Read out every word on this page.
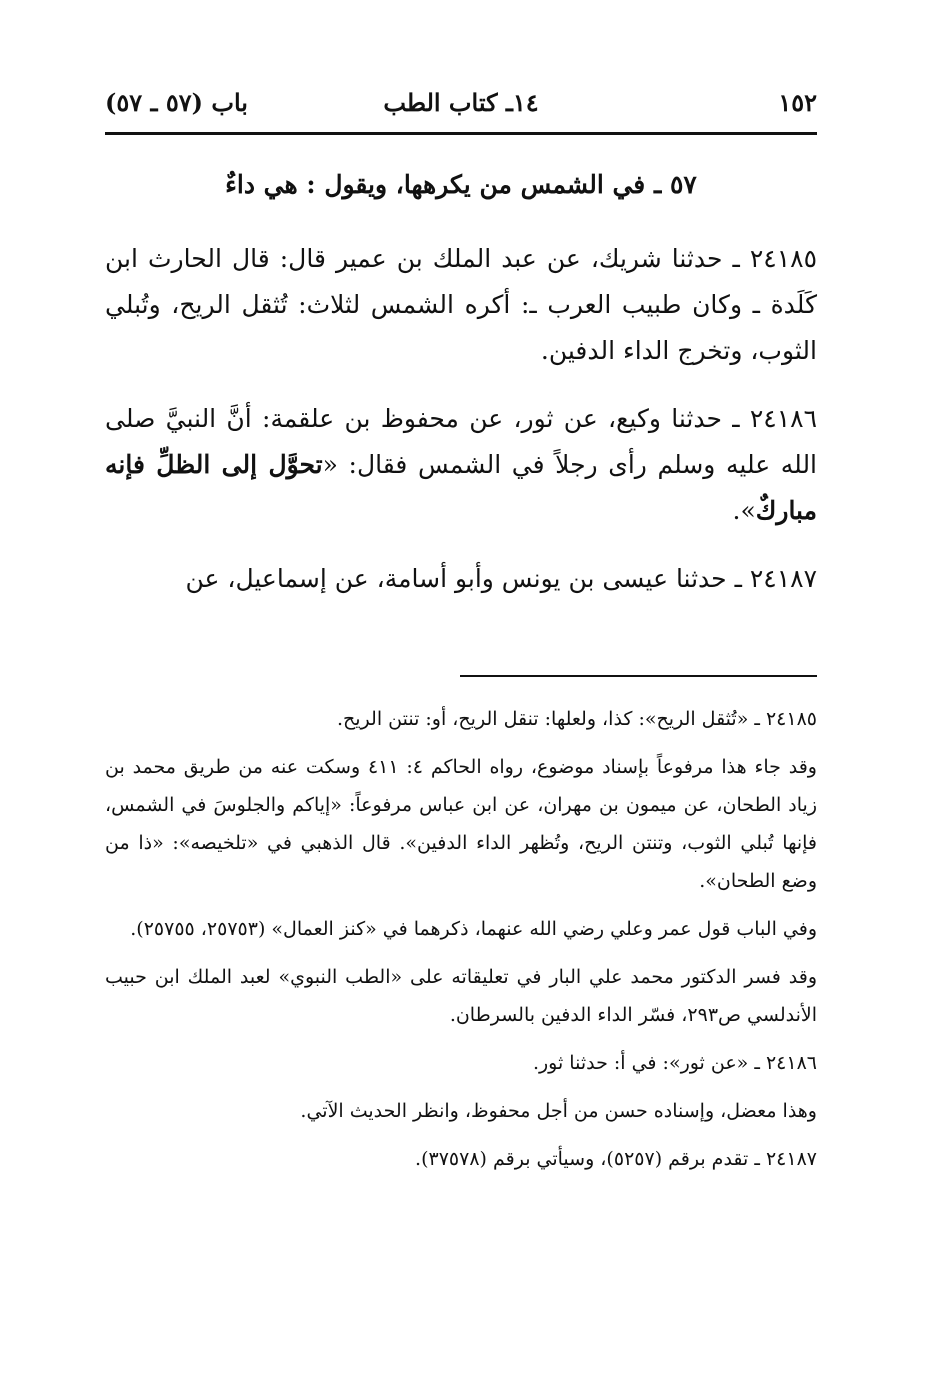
١٥٢
١٤ـ كتاب الطب
باب (٥٧ ـ ٥٧)
٥٧ ـ في الشمس من يكرهها، ويقول : هي داءٌ

٢٤١٨٥ ـ حدثنا شريك، عن عبد الملك بن عمير قال: قال الحارث ابن كَلَدة ـ وكان طبيب العرب ـ: أكره الشمس لثلاث: تُثقل الريح، وتُبلي الثوب، وتخرج الداء الدفين.

٢٤١٨٦ ـ حدثنا وكيع، عن ثور، عن محفوظ بن علقمة: أنَّ النبيَّ صلى الله عليه وسلم رأى رجلاً في الشمس فقال: «تحوَّل إلى الظلِّ فإنه مباركٌ».

٢٤١٨٧ ـ حدثنا عيسى بن يونس وأبو أسامة، عن إسماعيل، عن

٢٤١٨٥ ـ «تُثقل الريح»: كذا، ولعلها: تنقل الريح، أو: تنتن الريح.

وقد جاء هذا مرفوعاً بإسناد موضوع، رواه الحاكم ٤: ٤١١ وسكت عنه من طريق محمد بن زياد الطحان، عن ميمون بن مهران، عن ابن عباس مرفوعاً: «إياكم والجلوسَ في الشمس، فإنها تُبلي الثوب، وتنتن الريح، وتُظهر الداء الدفين». قال الذهبي في «تلخيصه»: «ذا من وضع الطحان».

وفي الباب قول عمر وعلي رضي الله عنهما، ذكرهما في «كنز العمال» (٢٥٧٥٣، ٢٥٧٥٥).

وقد فسر الدكتور محمد علي البار في تعليقاته على «الطب النبوي» لعبد الملك ابن حبيب الأندلسي ص٢٩٣، فسّر الداء الدفين بالسرطان.

٢٤١٨٦ ـ «عن ثور»: في أ: حدثنا ثور.

وهذا معضل، وإسناده حسن من أجل محفوظ، وانظر الحديث الآتي.

٢٤١٨٧ ـ تقدم برقم (٥٢٥٧)، وسيأتي برقم (٣٧٥٧٨).
